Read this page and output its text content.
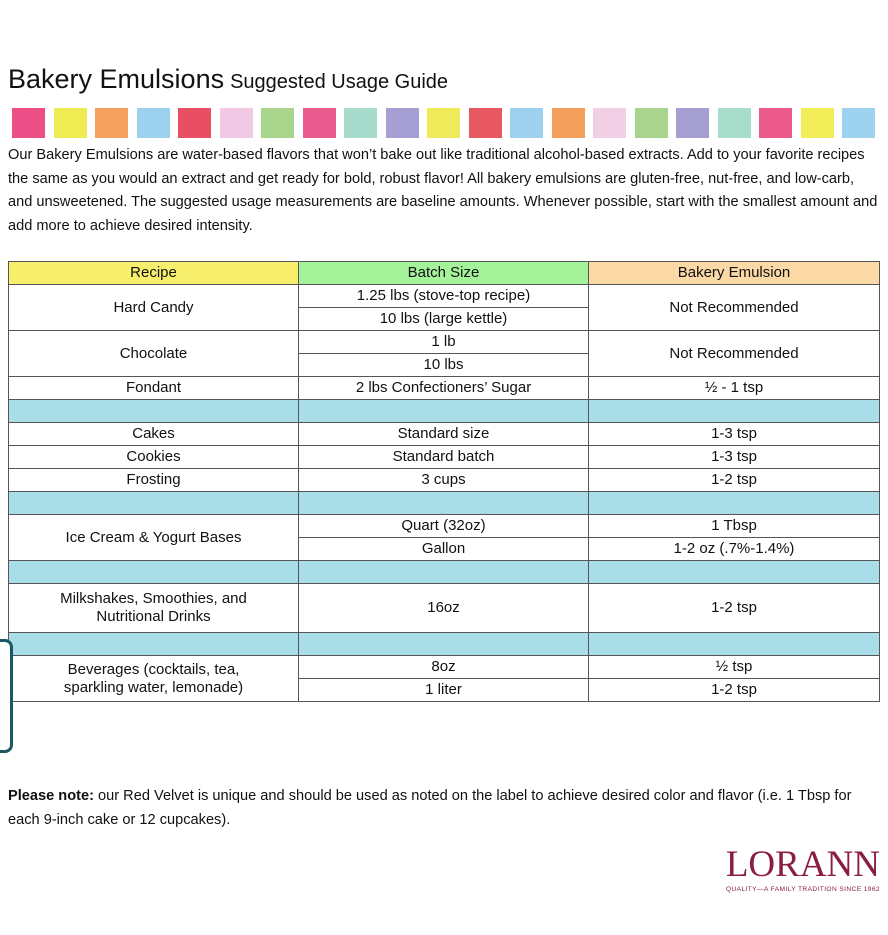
Bakery Emulsions Suggested Usage Guide
Our Bakery Emulsions are water-based flavors that won’t bake out like traditional alcohol-based extracts. Add to your favorite recipes the same as you would an extract and get ready for bold, robust flavor! All bakery emulsions are gluten-free, nut-free, and low-carb, and unsweetened. The suggested usage measurements are baseline amounts. Whenever possible, start with the smallest amount and add more to achieve desired intensity.
Recipe	Batch Size	Bakery Emulsion
Hard Candy	1.25 lbs (stove-top recipe)	Not Recommended
	10 lbs (large kettle)	
Chocolate	1 lb	Not Recommended
	10 lbs	
Fondant	2 lbs Confectioners’ Sugar	½ - 1 tsp

Cakes	Standard size	1-3 tsp
Cookies	Standard batch	1-3 tsp
Frosting	3 cups	1-2 tsp

Ice Cream & Yogurt Bases	Quart (32oz)	1 Tbsp
	Gallon	1-2 oz (.7%-1.4%)

Milkshakes, Smoothies, and
Nutritional Drinks	16oz	1-2 tsp

Beverages (cocktails, tea,
sparkling water, lemonade)	8oz	½ tsp
	1 liter	1-2 tsp
Please note: our Red Velvet is unique and should be used as noted on the label to achieve desired color and flavor (i.e. 1 Tbsp for each 9-inch cake or 12 cupcakes).
LORANN
QUALITY—A FAMILY TRADITION SINCE 1962
